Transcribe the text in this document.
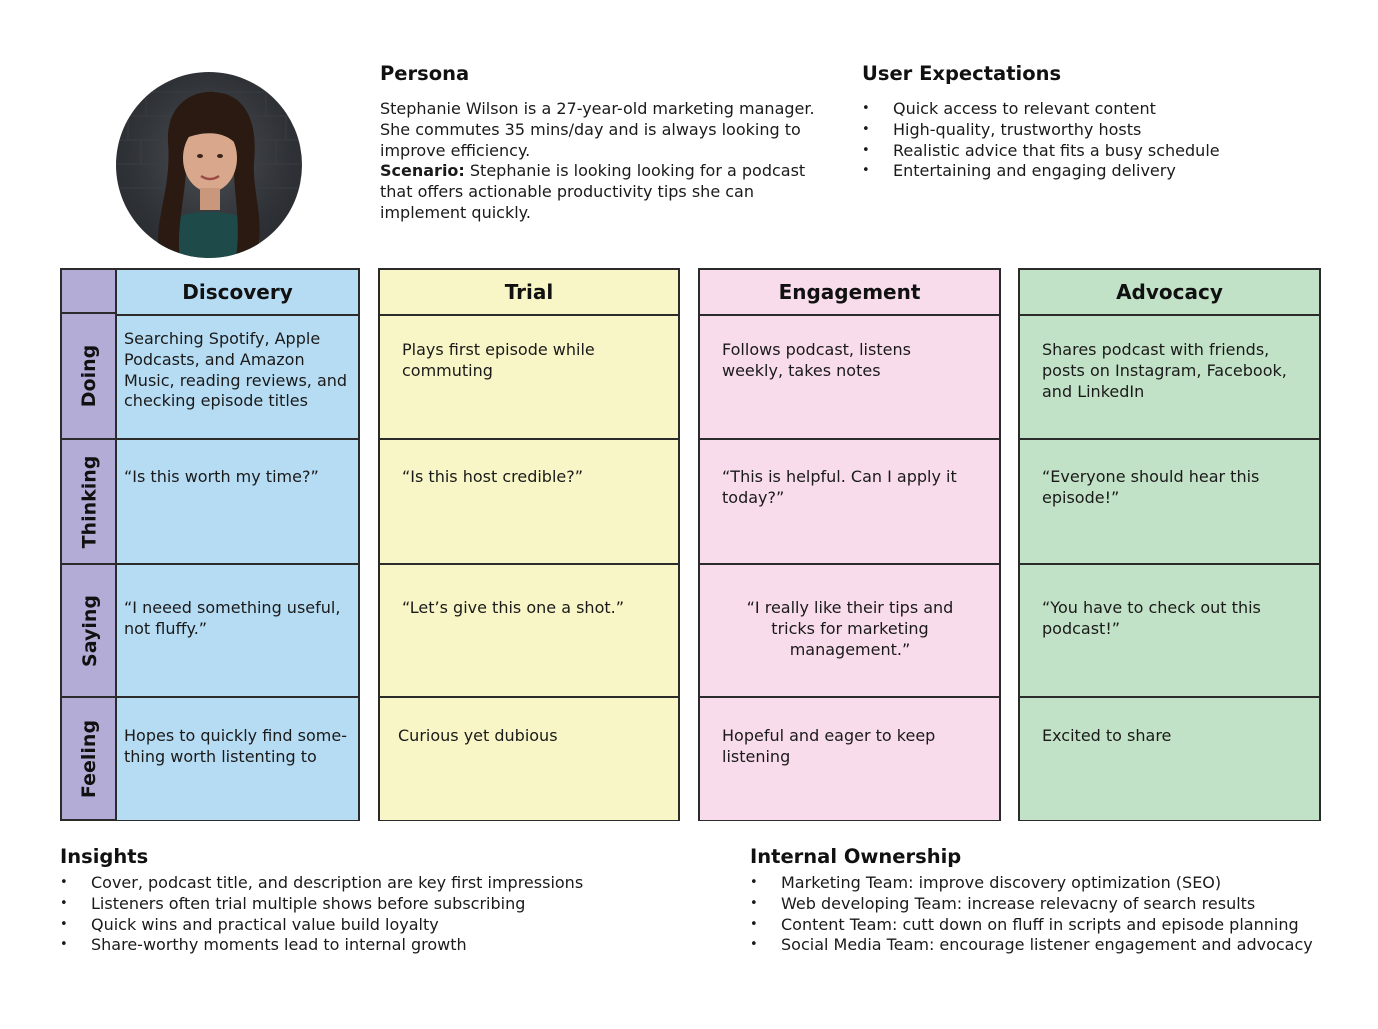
Persona
Stephanie Wilson is a 27-year-old marketing manager. She commutes 35 mins/day and is always looking to improve efficiency.
Scenario: Stephanie is looking looking for a podcast that offers actionable productivity tips she can implement quickly.
User Expectations
• Quick access to relevant content
• High-quality, trustworthy hosts
• Realistic advice that fits a busy schedule
• Entertaining and engaging delivery
Doing
Thinking
Saying
Feeling
Discovery
Searching Spotify, Apple Podcasts, and Amazon Music, reading reviews, and checking episode titles
“Is this worth my time?”
“I neeed something useful, not fluffy.”
Hopes to quickly find some-thing worth listenting to
Trial
Plays first episode while commuting
“Is this host credible?”
“Let’s give this one a shot.”
Curious yet dubious
Engagement
Follows podcast, listens weekly, takes notes
“This is helpful. Can I apply it today?”
“I really like their tips and tricks for marketing management.”
Hopeful and eager to keep listening
Advocacy
Shares podcast with friends, posts on Instagram, Facebook, and LinkedIn
“Everyone should hear this episode!”
“You have to check out this podcast!”
Excited to share
Insights
• Cover, podcast title, and description are key first impressions
• Listeners often trial multiple shows before subscribing
• Quick wins and practical value build loyalty
• Share-worthy moments lead to internal growth
Internal Ownership
• Marketing Team: improve discovery optimization (SEO)
• Web developing Team: increase relevacny of search results
• Content Team: cutt down on fluff in scripts and episode planning
• Social Media Team: encourage listener engagement and advocacy
